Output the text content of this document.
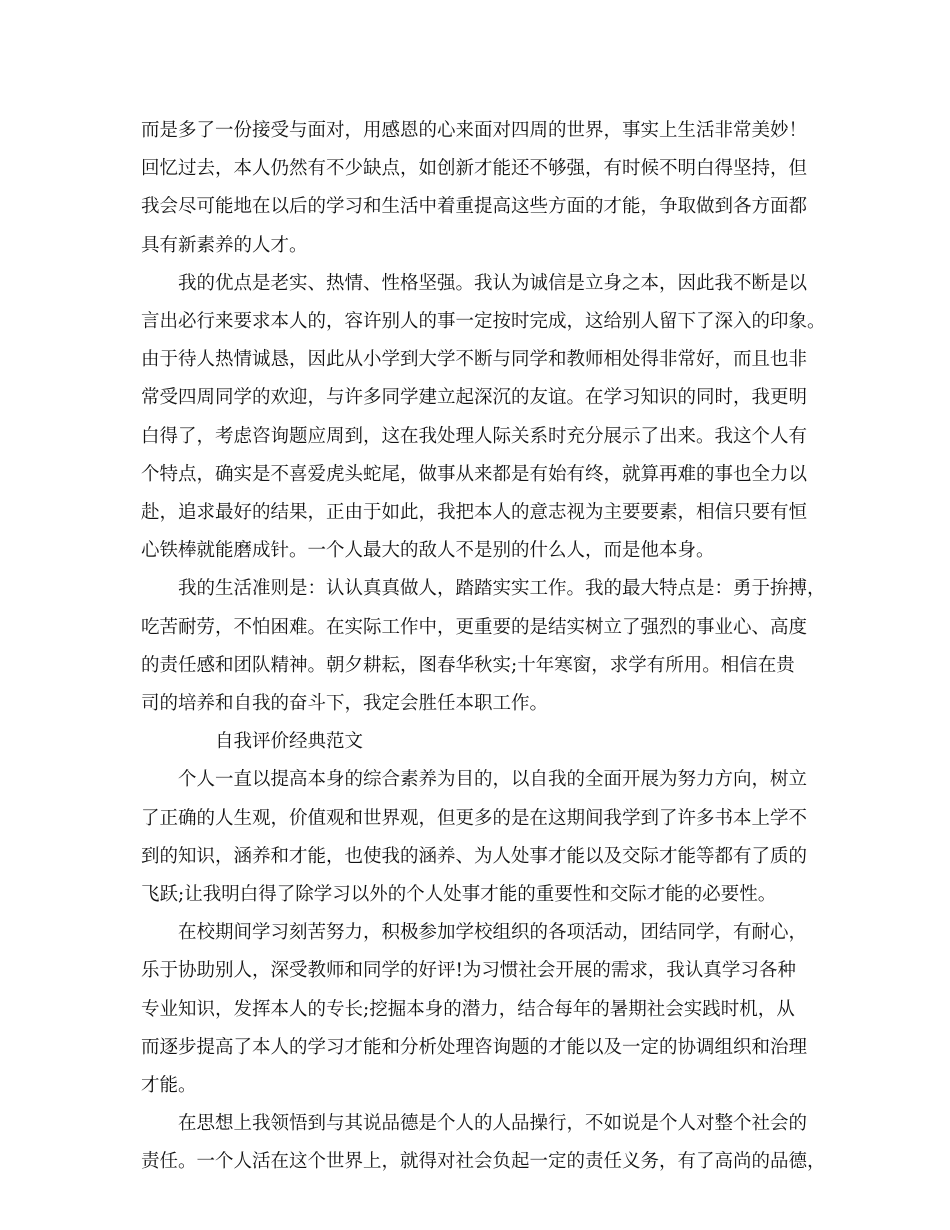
而是多了一份接受与面对，用感恩的心来面对四周的世界，事实上生活非常美妙！
回忆过去，本人仍然有不少缺点，如创新才能还不够强，有时候不明白得坚持，但
我会尽可能地在以后的学习和生活中着重提高这些方面的才能，争取做到各方面都
具有新素养的人才。
我的优点是老实、热情、性格坚强。我认为诚信是立身之本，因此我不断是以
言出必行来要求本人的，容许别人的事一定按时完成，这给别人留下了深入的印象。
由于待人热情诚恳，因此从小学到大学不断与同学和教师相处得非常好，而且也非
常受四周同学的欢迎，与许多同学建立起深沉的友谊。在学习知识的同时，我更明
白得了，考虑咨询题应周到，这在我处理人际关系时充分展示了出来。我这个人有
个特点，确实是不喜爱虎头蛇尾，做事从来都是有始有终，就算再难的事也全力以
赴，追求最好的结果，正由于如此，我把本人的意志视为主要要素，相信只要有恒
心铁棒就能磨成针。一个人最大的敌人不是别的什么人，而是他本身。
我的生活准则是：认认真真做人，踏踏实实工作。我的最大特点是：勇于拚搏，
吃苦耐劳，不怕困难。在实际工作中，更重要的是结实树立了强烈的事业心、高度
的责任感和团队精神。朝夕耕耘，图春华秋实;十年寒窗，求学有所用。相信在贵
司的培养和自我的奋斗下，我定会胜任本职工作。
自我评价经典范文
个人一直以提高本身的综合素养为目的，以自我的全面开展为努力方向，树立
了正确的人生观，价值观和世界观，但更多的是在这期间我学到了许多书本上学不
到的知识，涵养和才能，也使我的涵养、为人处事才能以及交际才能等都有了质的
飞跃;让我明白得了除学习以外的个人处事才能的重要性和交际才能的必要性。
在校期间学习刻苦努力，积极参加学校组织的各项活动，团结同学，有耐心，
乐于协助别人，深受教师和同学的好评!为习惯社会开展的需求，我认真学习各种
专业知识，发挥本人的专长;挖掘本身的潜力，结合每年的暑期社会实践时机，从
而逐步提高了本人的学习才能和分析处理咨询题的才能以及一定的协调组织和治理
才能。
在思想上我领悟到与其说品德是个人的人品操行，不如说是个人对整个社会的
责任。一个人活在这个世界上，就得对社会负起一定的责任义务，有了高尚的品德，
